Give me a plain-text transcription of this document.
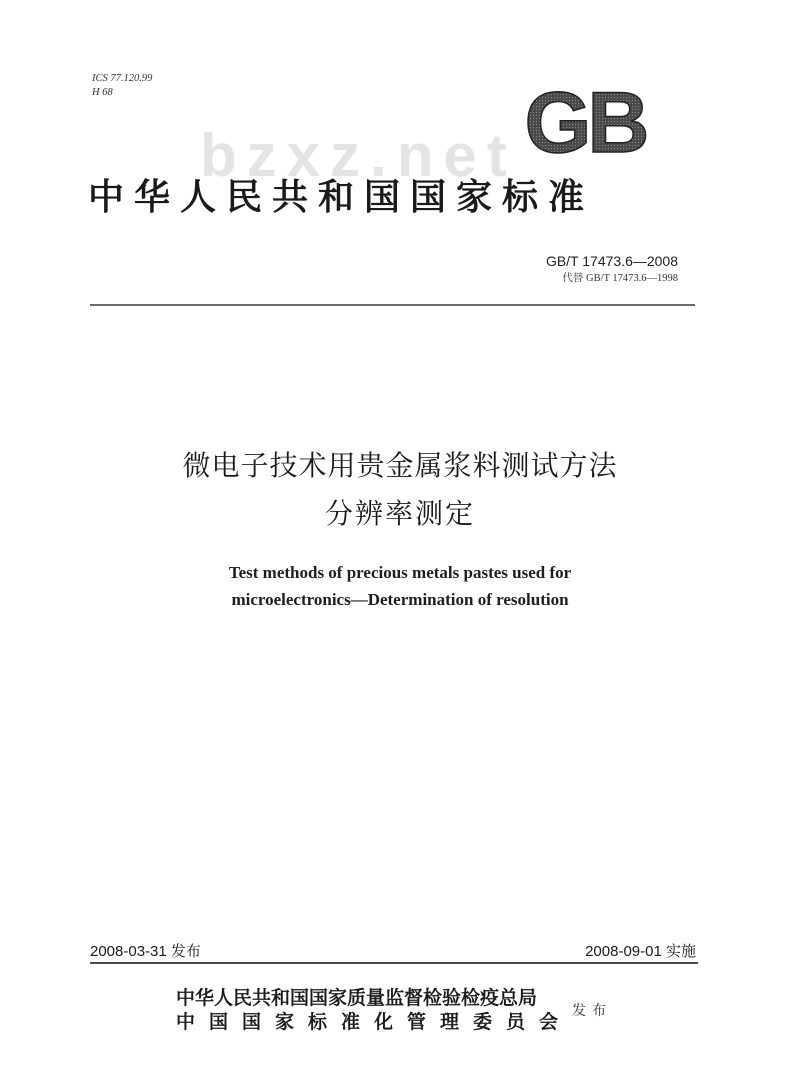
ICS 77.120.99
H 68
bzxz.net GB
中华人民共和国国家标准
GB/T 17473.6—2008
代替 GB/T 17473.6—1998
微电子技术用贵金属浆料测试方法
分辨率测定
Test methods of precious metals pastes used for
microelectronics—Determination of resolution
2008-03-31 发布	2008-09-01 实施
中华人民共和国国家质量监督检验检疫总局
中国国家标准化管理委员会 发布
